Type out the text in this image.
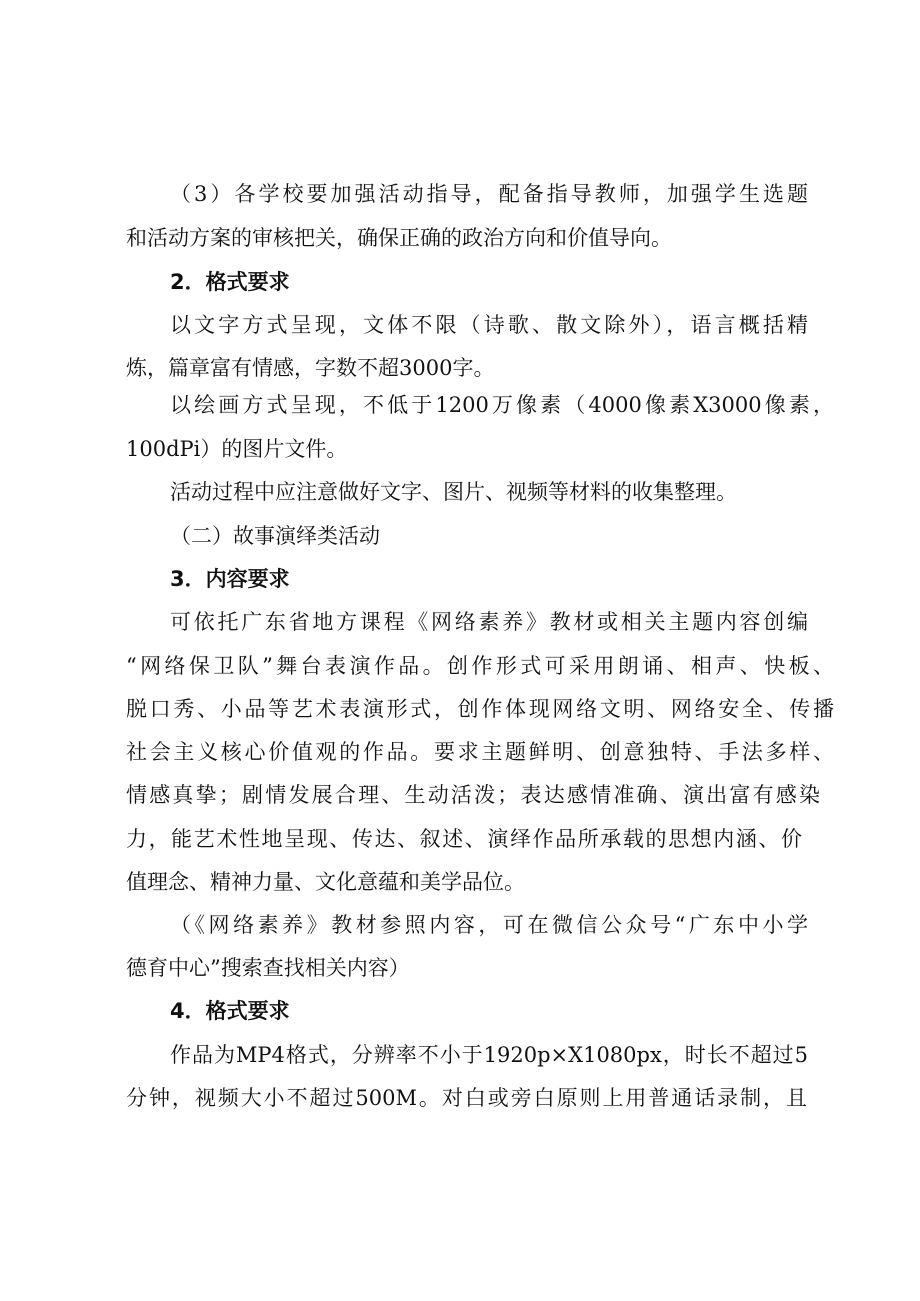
（3）各学校要加强活动指导，配备指导教师，加强学生选题
和活动方案的审核把关，确保正确的政治方向和价值导向。
2．格式要求
以文字方式呈现，文体不限（诗歌、散文除外），语言概括精
炼，篇章富有情感，字数不超3000字。
以绘画方式呈现，不低于1200万像素（4000像素X3000像素，
100dPi）的图片文件。
活动过程中应注意做好文字、图片、视频等材料的收集整理。
（二）故事演绎类活动
3．内容要求
可依托广东省地方课程《网络素养》教材或相关主题内容创编
“网络保卫队”舞台表演作品。创作形式可采用朗诵、相声、快板、
脱口秀、小品等艺术表演形式，创作体现网络文明、网络安全、传播
社会主义核心价值观的作品。要求主题鲜明、创意独特、手法多样、
情感真挚；剧情发展合理、生动活泼；表达感情准确、演出富有感染
力，能艺术性地呈现、传达、叙述、演绎作品所承载的思想内涵、价
值理念、精神力量、文化意蕴和美学品位。
（《网络素养》教材参照内容，可在微信公众号“广东中小学
德育中心”搜索查找相关内容）
4．格式要求
作品为MP4格式，分辨率不小于1920p×X1080px，时长不超过5
分钟，视频大小不超过500M。对白或旁白原则上用普通话录制，且
